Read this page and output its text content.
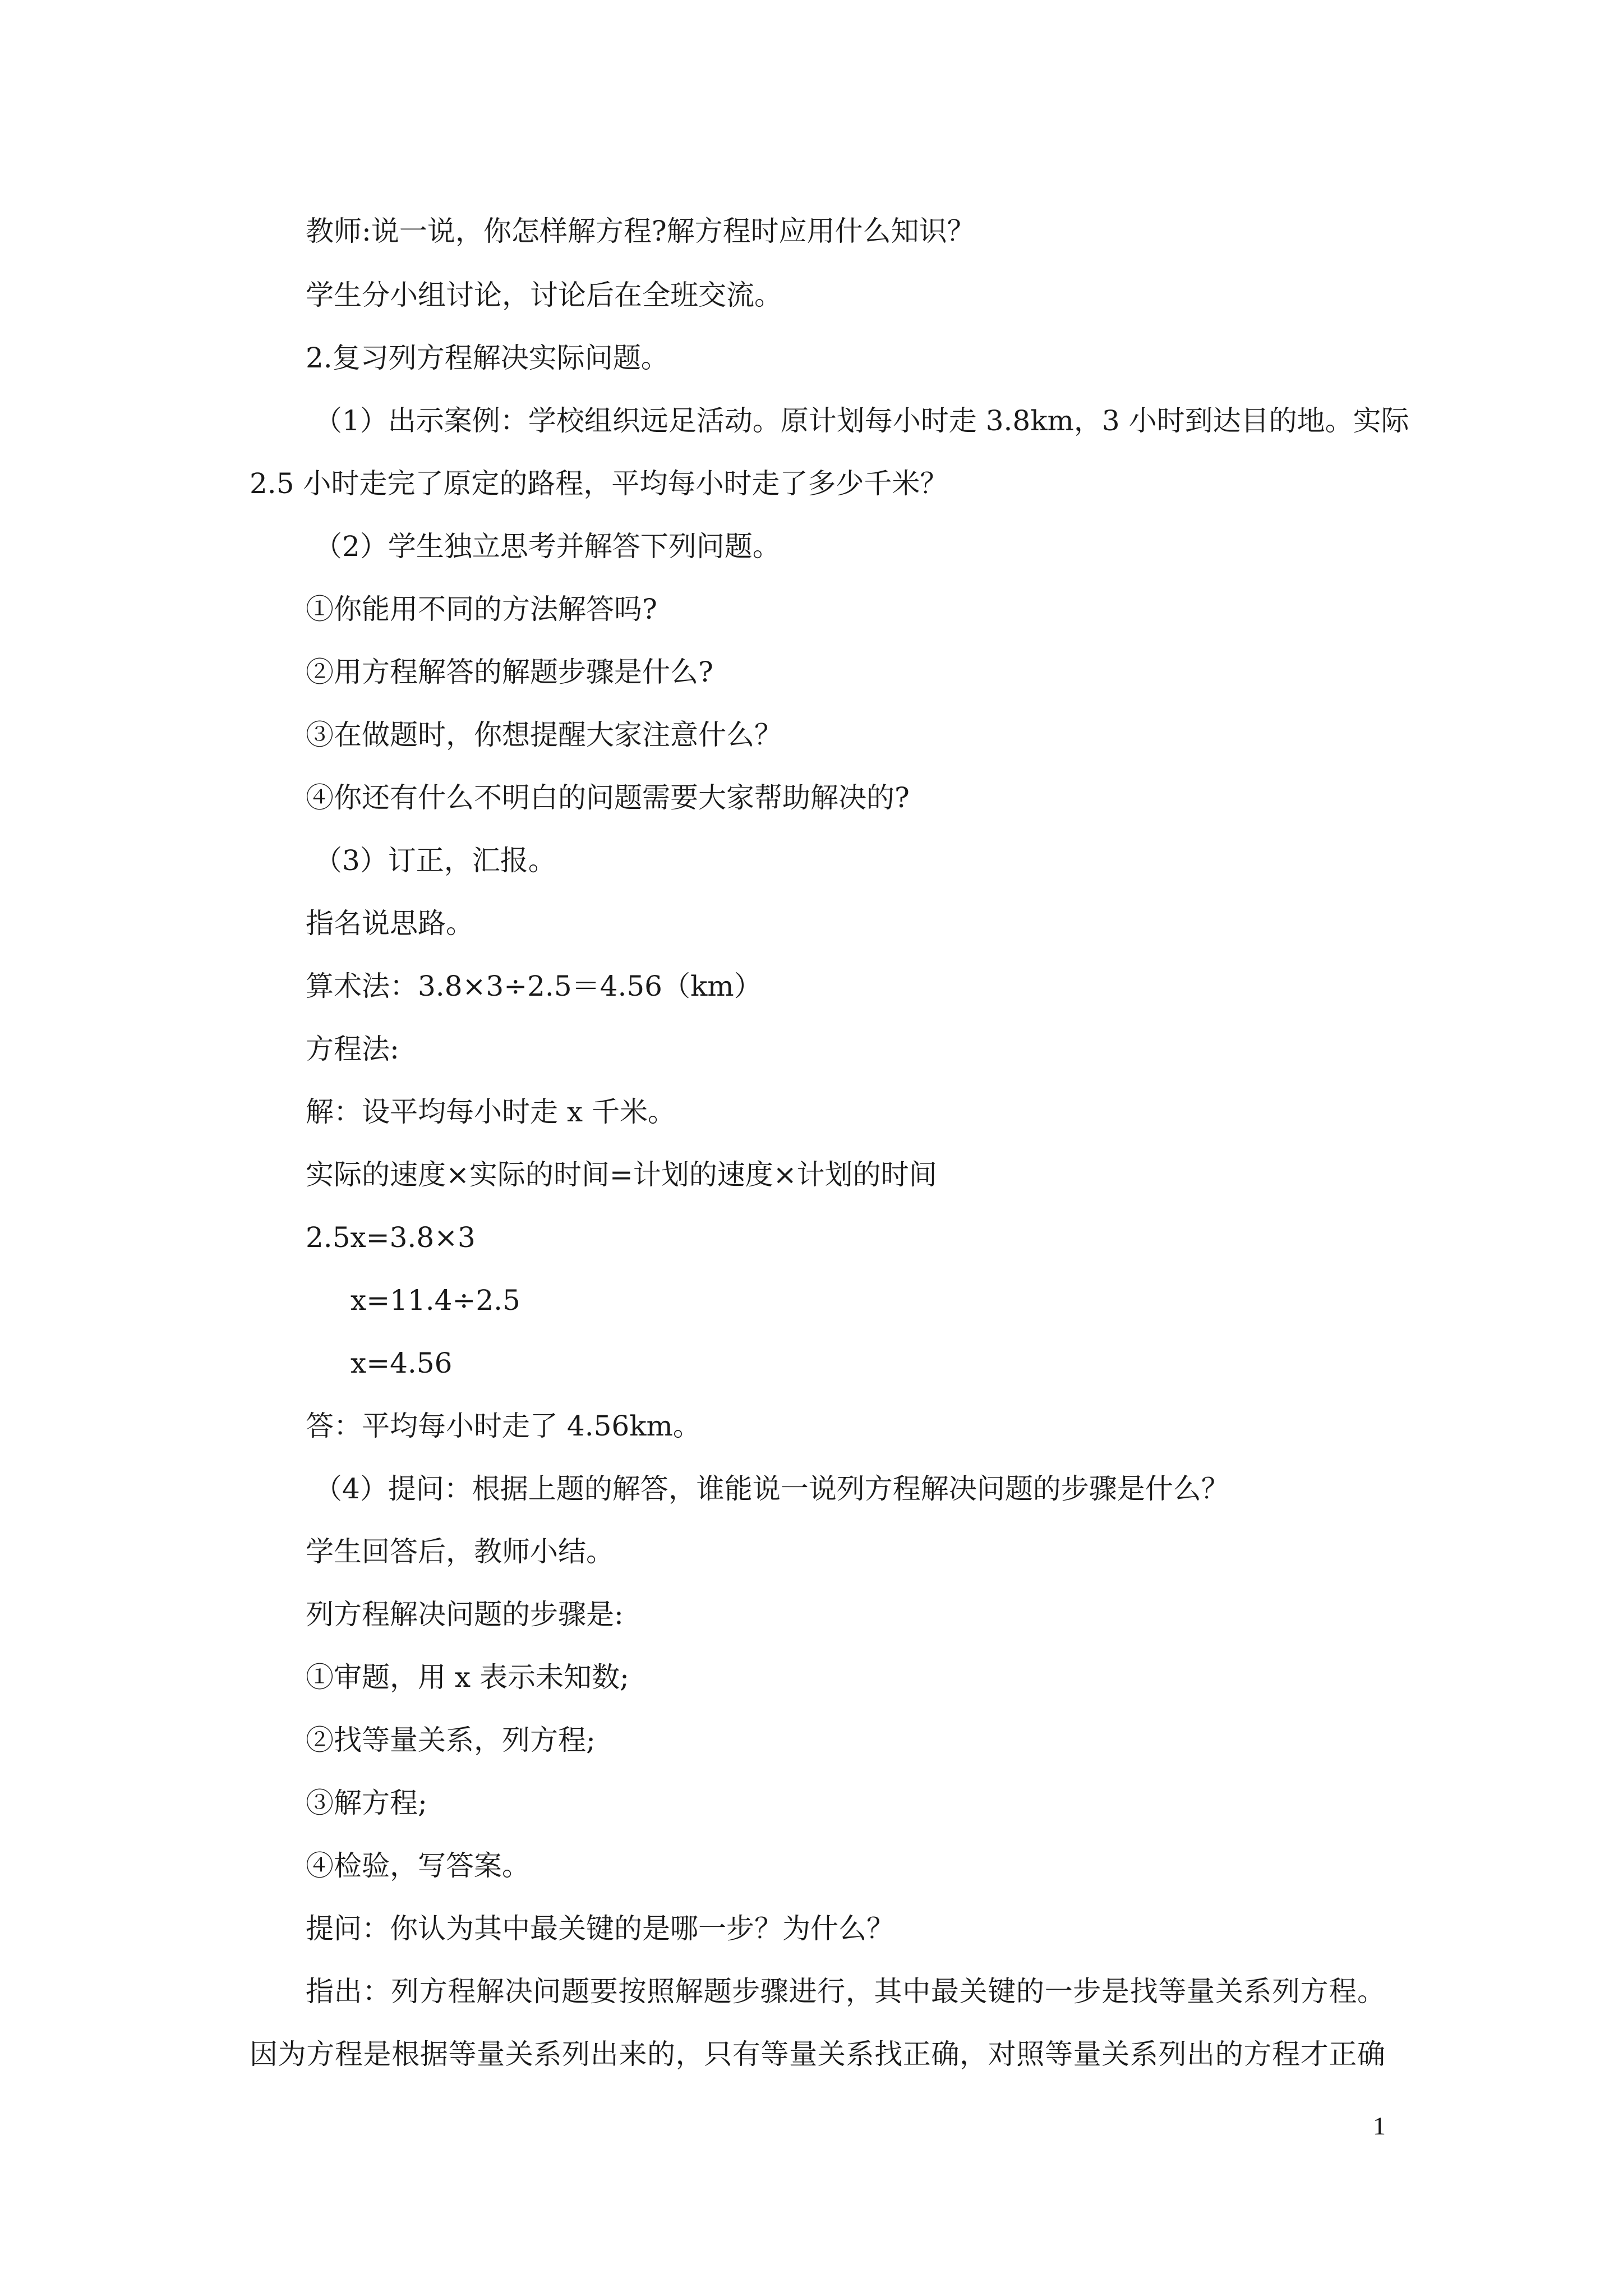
教师:说一说，你怎样解方程?解方程时应用什么知识？
学生分小组讨论，讨论后在全班交流。
2.复习列方程解决实际问题。
（1）出示案例：学校组织远足活动。原计划每小时走 3.8km，3 小时到达目的地。实际
2.5 小时走完了原定的路程，平均每小时走了多少千米？
（2）学生独立思考并解答下列问题。
①你能用不同的方法解答吗?
②用方程解答的解题步骤是什么?
③在做题时，你想提醒大家注意什么？
④你还有什么不明白的问题需要大家帮助解决的?
（3）订正，汇报。
指名说思路。
算术法：3.8×3÷2.5＝4.56（km）
方程法:
解：设平均每小时走 x 千米。
实际的速度×实际的时间=计划的速度×计划的时间
2.5x=3.8×3
x=11.4÷2.5
x=4.56
答：平均每小时走了 4.56km。
（4）提问：根据上题的解答，谁能说一说列方程解决问题的步骤是什么？
学生回答后，教师小结。
列方程解决问题的步骤是:
①审题，用 x 表示未知数;
②找等量关系，列方程;
③解方程;
④检验，写答案。
提问：你认为其中最关键的是哪一步？为什么？
指出：列方程解决问题要按照解题步骤进行，其中最关键的一步是找等量关系列方程。
因为方程是根据等量关系列出来的，只有等量关系找正确，对照等量关系列出的方程才正确
1
